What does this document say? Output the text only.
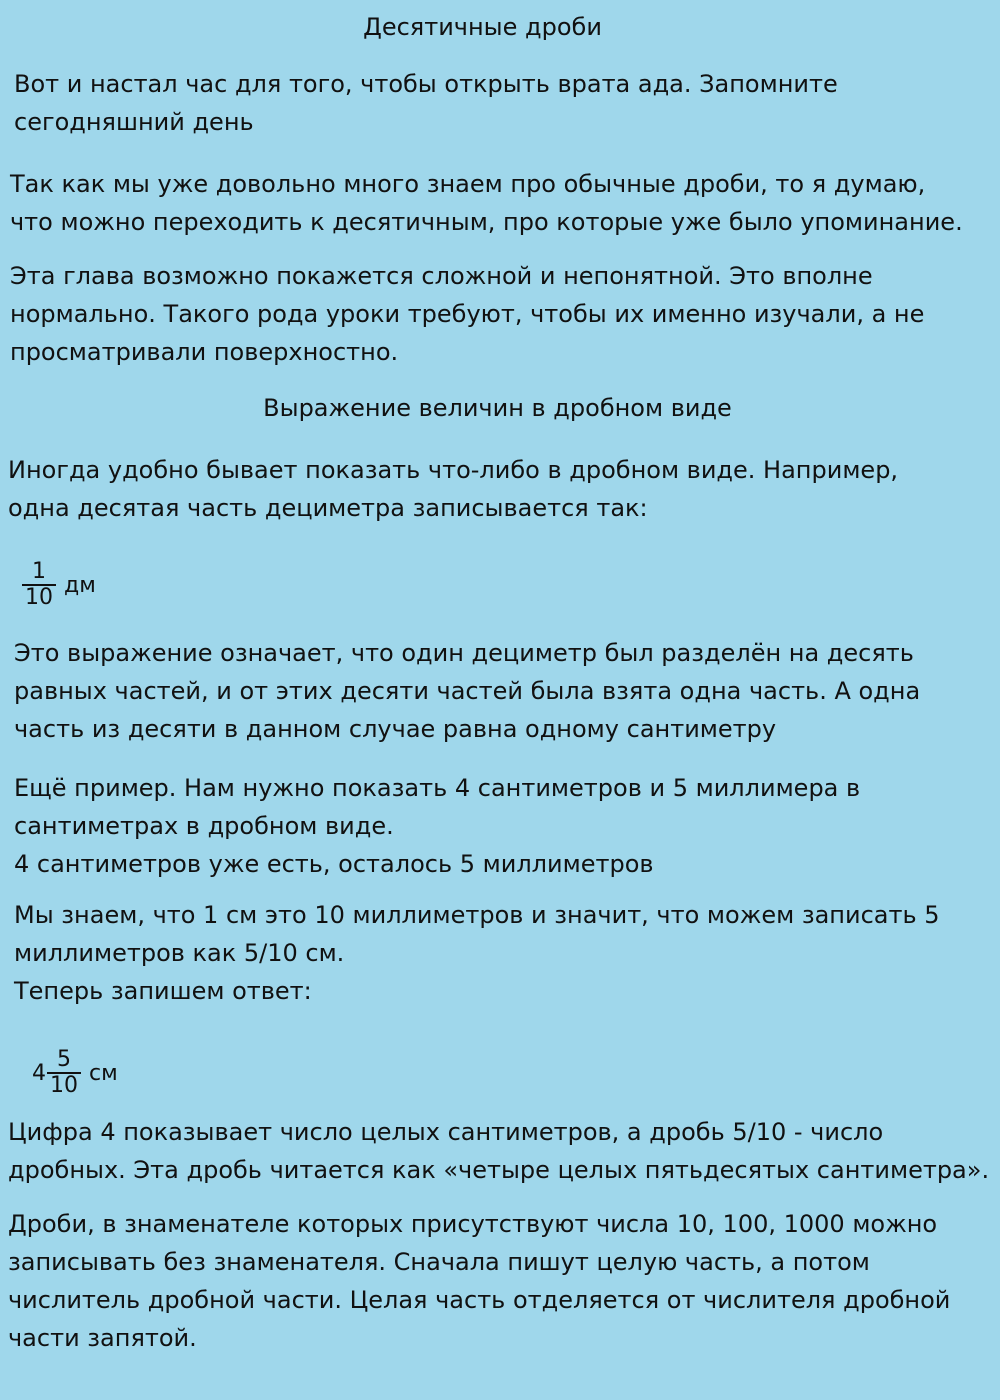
Десятичные дроби
Вот и настал час для того, чтобы открыть врата ада. Запомните
сегодняшний день
Так как мы уже довольно много знаем про обычные дроби, то я думаю,
что можно переходить к десятичным, про которые уже было упоминание.
Эта глава возможно покажется сложной и непонятной. Это вполне
нормально. Такого рода уроки требуют, чтобы их именно изучали, а не
просматривали поверхностно.
Выражение величин в дробном виде
Иногда удобно бывает показать что-либо в дробном виде. Например,
одна десятая часть дециметра записывается так:
$\frac{1}{10}$ дм
Это выражение означает, что один дециметр был разделён на десять
равных частей, и от этих десяти частей была взята одна часть. А одна
часть из десяти в данном случае равна одному сантиметру
Ещё пример. Нам нужно показать 4 сантиметров и 5 миллимера в
сантиметрах в дробном виде.
4 сантиметров уже есть, осталось 5 миллиметров
Мы знаем, что 1 см это 10 миллиметров и значит, что можем записать 5
миллиметров как 5/10 см.
Теперь запишем ответ:
$4 \frac{5}{10}$ см
Цифра 4 показывает число целых сантиметров, а дробь 5/10 - число
дробных. Эта дробь читается как «четыре целых пятьдесятых сантиметра».
Дроби, в знаменателе которых присутствуют числа 10, 100, 1000 можно
записывать без знаменателя. Сначала пишут целую часть, а потом
числитель дробной части. Целая часть отделяется от числителя дробной
части запятой.
